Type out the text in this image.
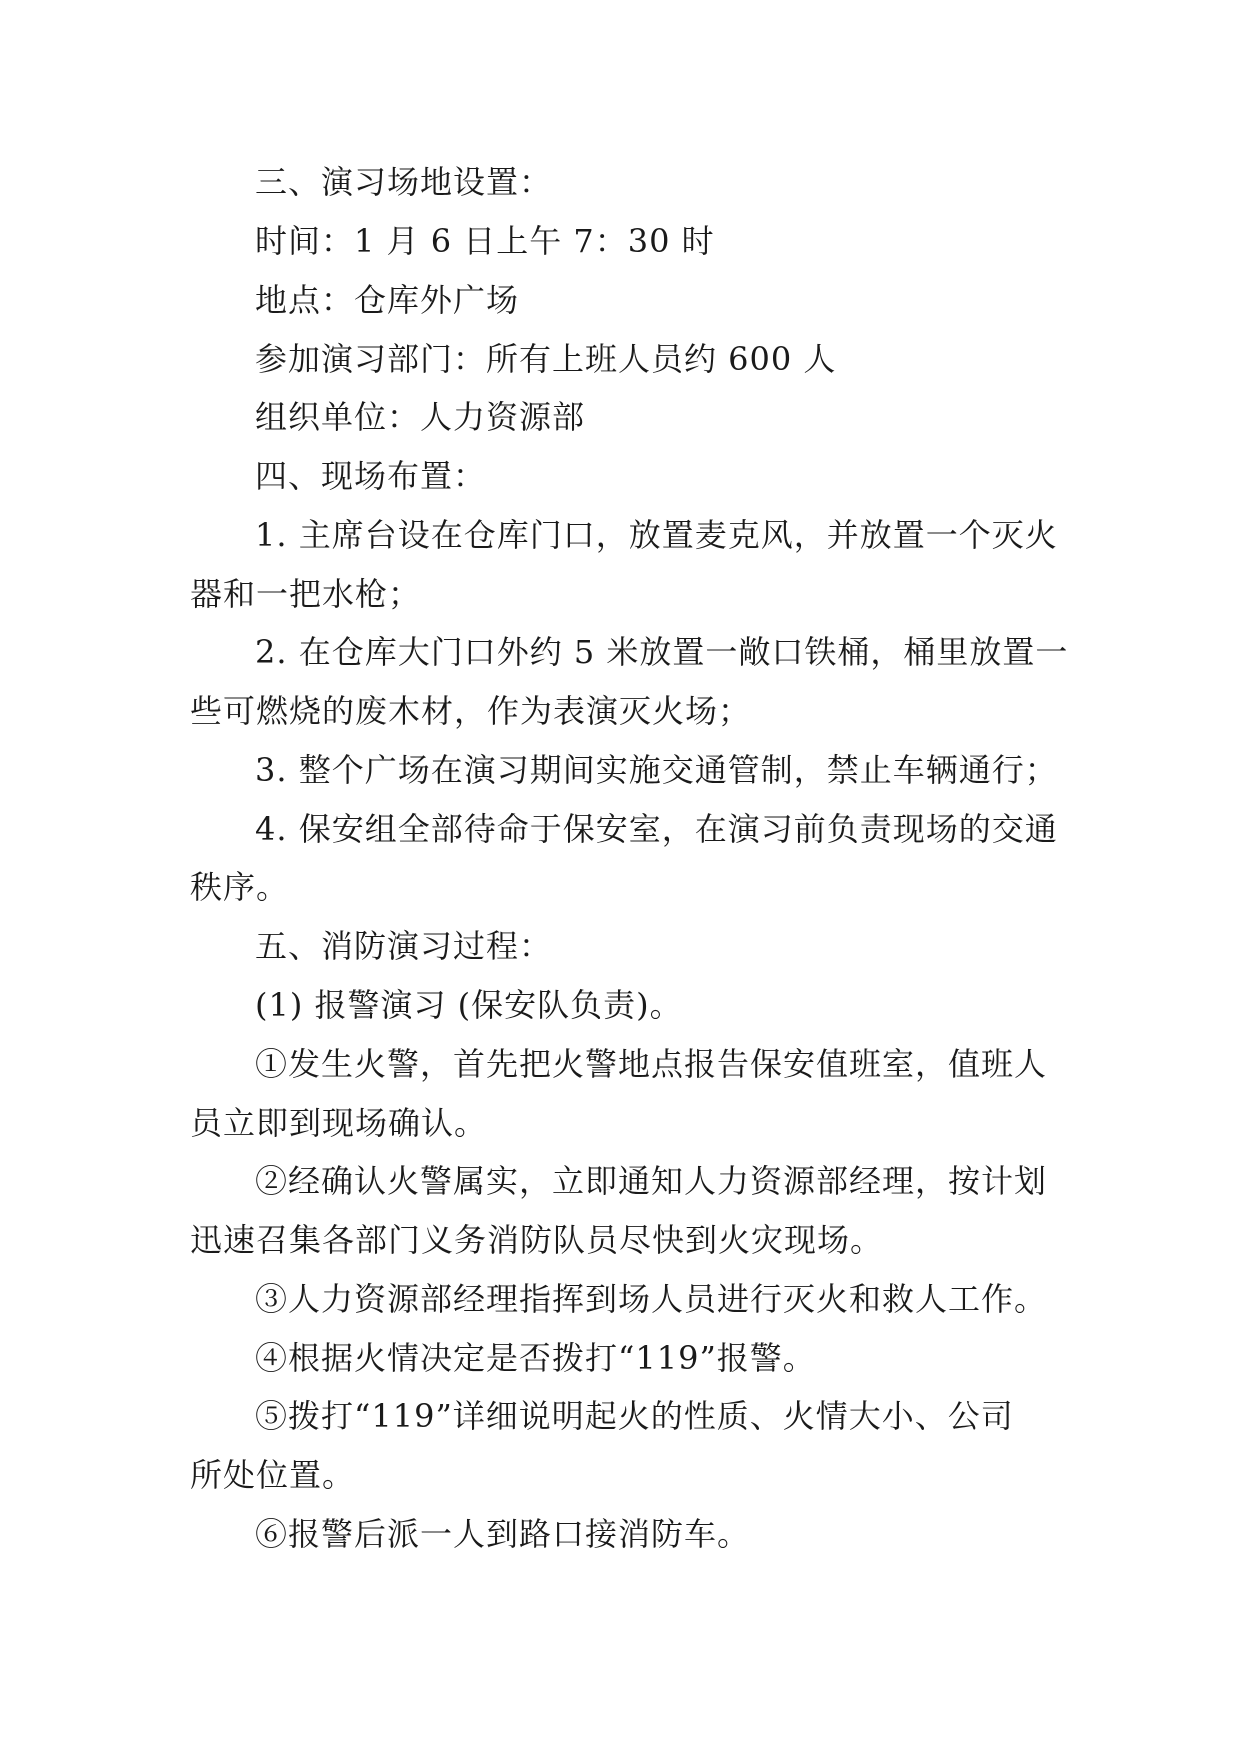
三、演习场地设置：
时间：1 月 6 日上午 7：30 时
地点：仓库外广场
参加演习部门：所有上班人员约 600 人
组织单位：人力资源部
四、现场布置：
1. 主席台设在仓库门口，放置麦克风，并放置一个灭火
器和一把水枪；
2. 在仓库大门口外约 5 米放置一敞口铁桶，桶里放置一
些可燃烧的废木材，作为表演灭火场；
3. 整个广场在演习期间实施交通管制，禁止车辆通行；
4. 保安组全部待命于保安室，在演习前负责现场的交通
秩序。
五、消防演习过程：
(1) 报警演习 (保安队负责)。
①发生火警，首先把火警地点报告保安值班室，值班人
员立即到现场确认。
②经确认火警属实，立即通知人力资源部经理，按计划
迅速召集各部门义务消防队员尽快到火灾现场。
③人力资源部经理指挥到场人员进行灭火和救人工作。
④根据火情决定是否拨打“119”报警。
⑤拨打“119”详细说明起火的性质、火情大小、公司
所处位置。
⑥报警后派一人到路口接消防车。
